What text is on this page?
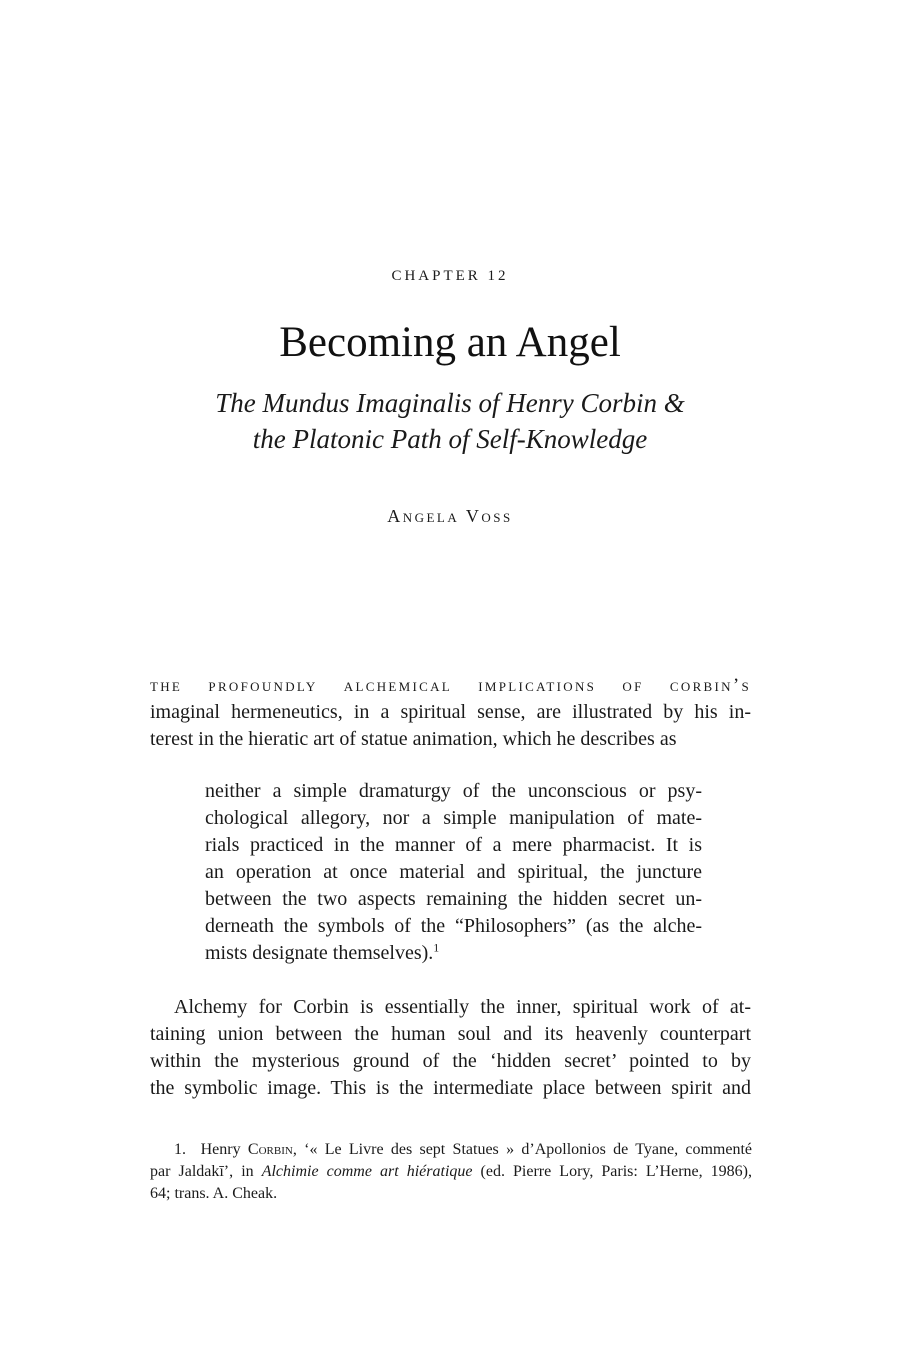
CHAPTER 12
Becoming an Angel
The Mundus Imaginalis of Henry Corbin &
the Platonic Path of Self-Knowledge
Angela Voss
the profoundly alchemical implications of corbin’s
imaginal hermeneutics, in a spiritual sense, are illustrated by his in-
terest in the hieratic art of statue animation, which he describes as
neither a simple dramaturgy of the unconscious or psy-
chological allegory, nor a simple manipulation of mate-
rials practiced in the manner of a mere pharmacist. It is
an operation at once material and spiritual, the juncture
between the two aspects remaining the hidden secret un-
derneath the symbols of the “Philosophers” (as the alche-
mists designate themselves).$^1$
Alchemy for Corbin is essentially the inner, spiritual work of at-
taining union between the human soul and its heavenly counterpart
within the mysterious ground of the ‘hidden secret’ pointed to by
the symbolic image. This is the intermediate place between spirit and
1. Henry Corbin, ‘« Le Livre des sept Statues » d’Apollonios de Tyane, commenté
par Jaldakī’, in Alchimie comme art hiératique (ed. Pierre Lory, Paris: L’Herne, 1986),
64; trans. A. Cheak.
